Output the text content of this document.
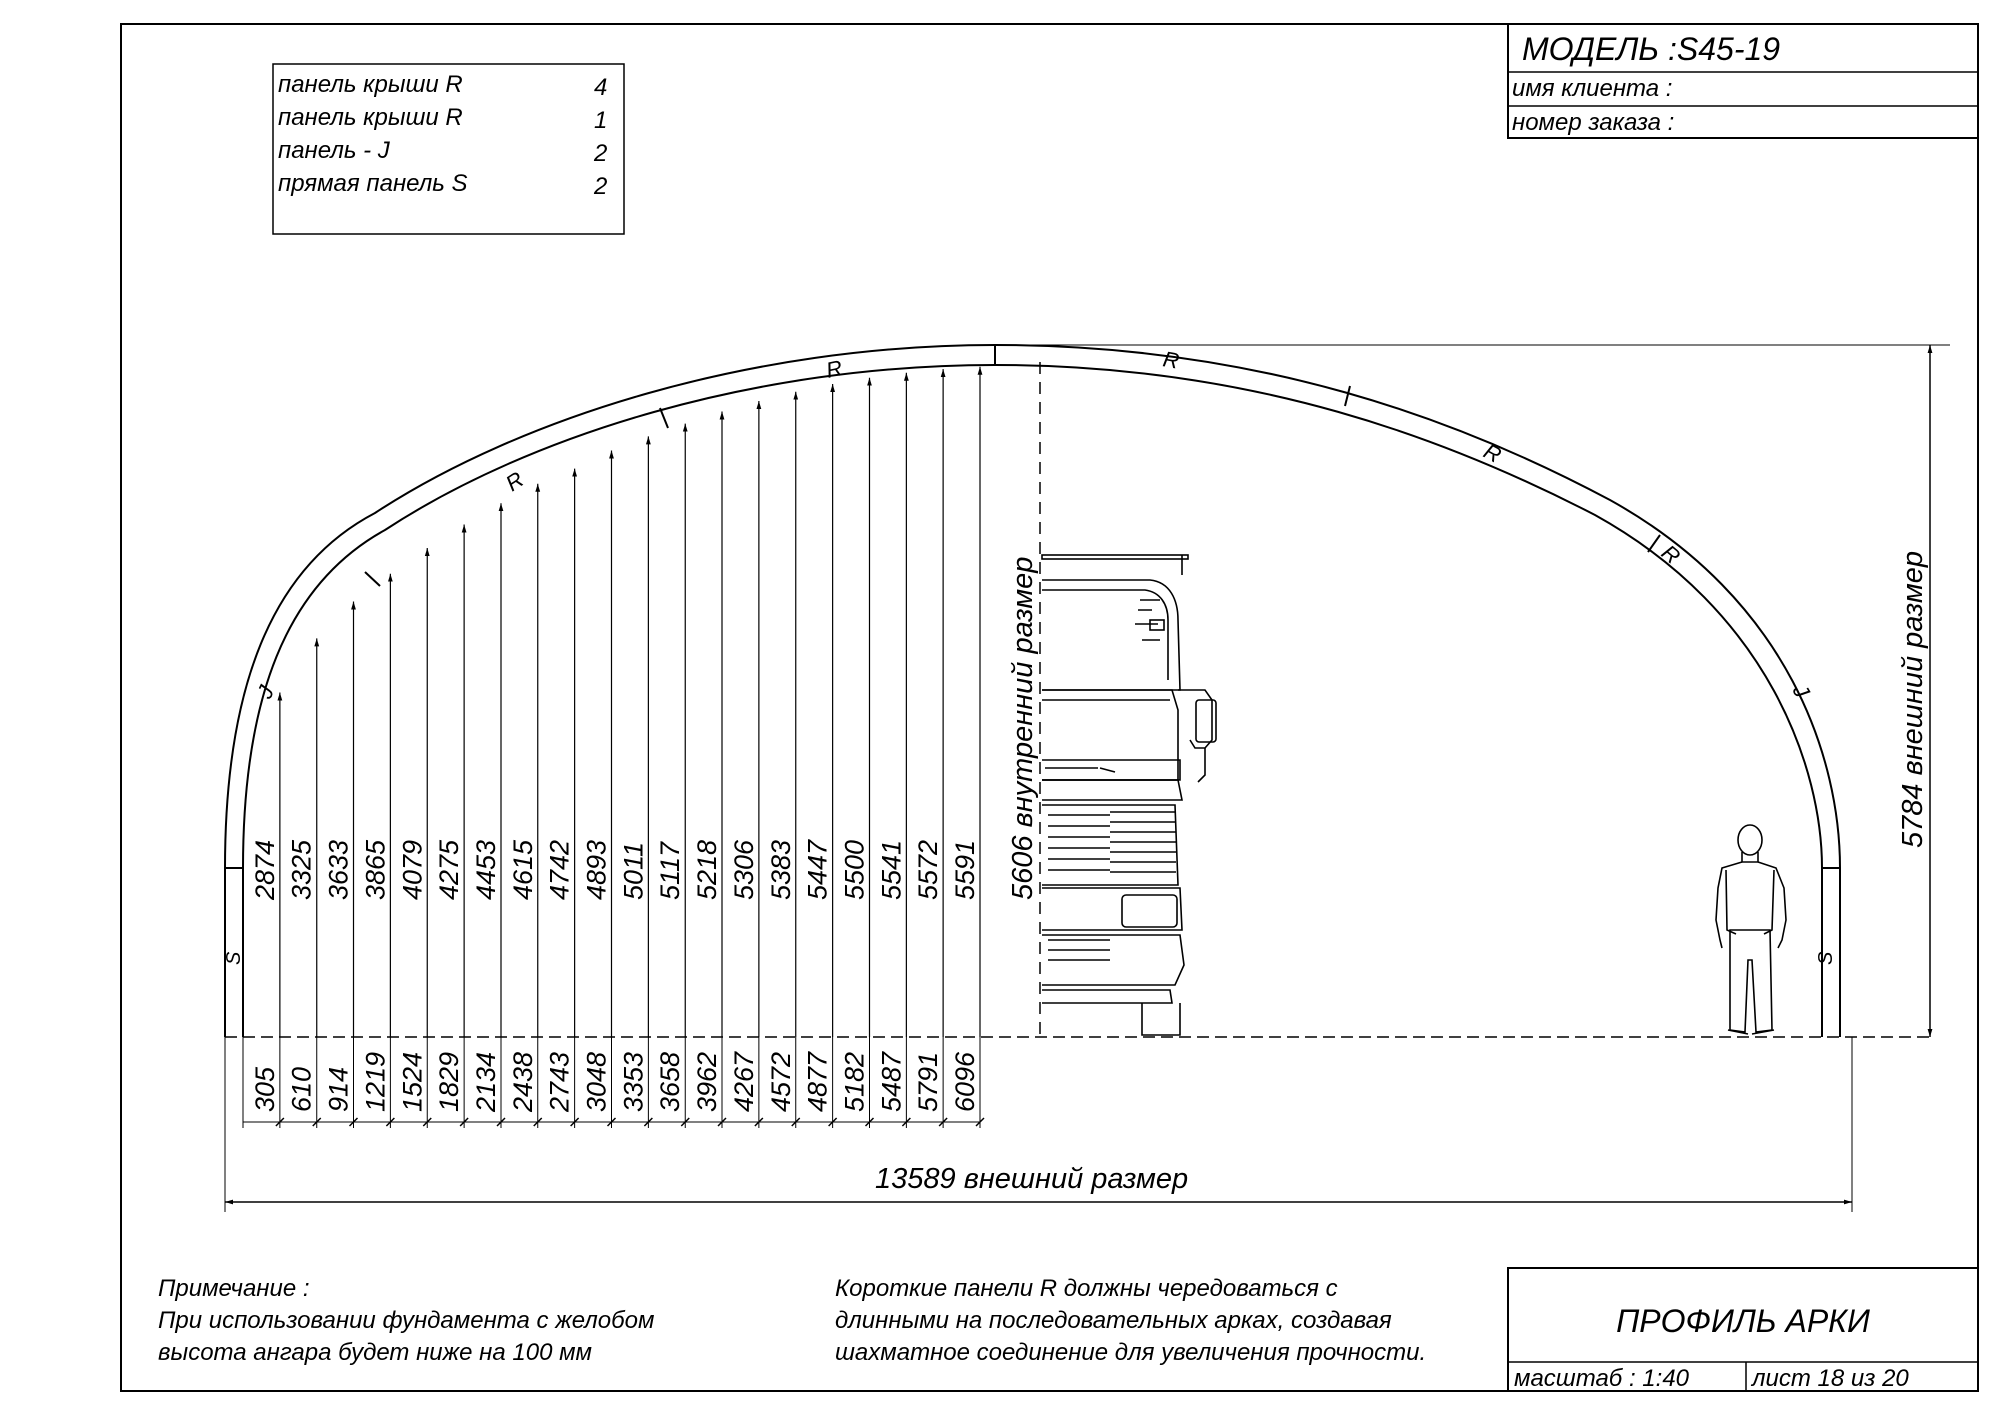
МОДЕЛЬ :S45-19
имя клиента :
номер заказа :
панель крыши R	4
панель крыши R	1
панель - J	2
прямая панель S	2
S
J
R
R	R
R
R
J
S
2874
305
3325
610
3633
914
3865
1219
4079
1524
4275
1829
4453
2134
4615
2438
4742
2743
4893
3048
5011
3353
5117
3658
5218
3962
5306
4267
5383
4572
5447
4877
5500
5182
5541
5487
5572
5791
5591
6096
5606 внутренний размер	5784 внешний размер
13589 внешний размер
ПРОФИЛЬ АРКИ
масштаб : 1:40	лист 18 из 20
Примечание :
При использовании фундамента с желобом
высота ангара будет ниже на 100 мм
Короткие панели R должны чередоваться с
длинными на последовательных арках, создавая
шахматное соединение для увеличения прочности.
